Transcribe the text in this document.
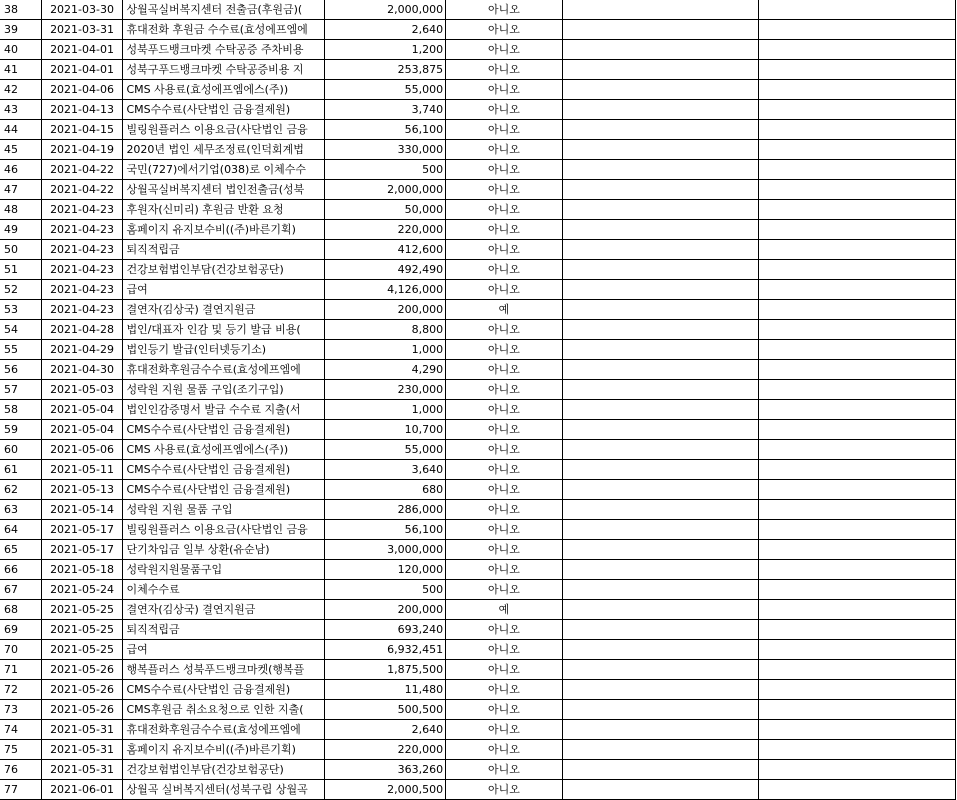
38	2021-03-30	상월곡실버복지센터 전출금(후원금)(	2,000,000	아니오		
39	2021-03-31	휴대전화 후원금 수수료(효성에프엠에	2,640	아니오		
40	2021-04-01	성북푸드뱅크마켓 수탁공증 주차비용	1,200	아니오		
41	2021-04-01	성북구푸드뱅크마켓 수탁공증비용 지	253,875	아니오		
42	2021-04-06	CMS 사용료(효성에프엠에스(주))	55,000	아니오		
43	2021-04-13	CMS수수료(사단법인 금융결제원)	3,740	아니오		
44	2021-04-15	빌링원플러스 이용요금(사단법인 금융	56,100	아니오		
45	2021-04-19	2020년 법인 세무조정료(인덕회계법	330,000	아니오		
46	2021-04-22	국민(727)에서기업(038)로 이체수수	500	아니오		
47	2021-04-22	상월곡실버복지센터 법인전출금(성북	2,000,000	아니오		
48	2021-04-23	후원자(신미리) 후원금 반환 요청	50,000	아니오		
49	2021-04-23	홈페이지 유지보수비((주)바른기획)	220,000	아니오		
50	2021-04-23	퇴직적립금	412,600	아니오		
51	2021-04-23	건강보험법인부담(건강보험공단)	492,490	아니오		
52	2021-04-23	급여	4,126,000	아니오		
53	2021-04-23	결연자(김상국) 결연지원금	200,000	예		
54	2021-04-28	법인/대표자 인감 및 등기 발급 비용(	8,800	아니오		
55	2021-04-29	법인등기 발급(인터넷등기소)	1,000	아니오		
56	2021-04-30	휴대전화후원금수수료(효성에프엠에	4,290	아니오		
57	2021-05-03	성락원 지원 물품 구입(조기구입)	230,000	아니오		
58	2021-05-04	법인인감증명서 발급 수수료 지출(서	1,000	아니오		
59	2021-05-04	CMS수수료(사단법인 금융결제원)	10,700	아니오		
60	2021-05-06	CMS 사용료(효성에프엠에스(주))	55,000	아니오		
61	2021-05-11	CMS수수료(사단법인 금융결제원)	3,640	아니오		
62	2021-05-13	CMS수수료(사단법인 금융결제원)	680	아니오		
63	2021-05-14	성락원 지원 물품 구입	286,000	아니오		
64	2021-05-17	빌링원플러스 이용요금(사단법인 금융	56,100	아니오		
65	2021-05-17	단기차입금 일부 상환(유순남)	3,000,000	아니오		
66	2021-05-18	성락원지원물품구입	120,000	아니오		
67	2021-05-24	이체수수료	500	아니오		
68	2021-05-25	결연자(김상국) 결연지원금	200,000	예		
69	2021-05-25	퇴직적립금	693,240	아니오		
70	2021-05-25	급여	6,932,451	아니오		
71	2021-05-26	행복플러스 성북푸드뱅크마켓(행복플	1,875,500	아니오		
72	2021-05-26	CMS수수료(사단법인 금융결제원)	11,480	아니오		
73	2021-05-26	CMS후원금 취소요청으로 인한 지출(	500,500	아니오		
74	2021-05-31	휴대전화후원금수수료(효성에프엠에	2,640	아니오		
75	2021-05-31	홈페이지 유지보수비((주)바른기획)	220,000	아니오		
76	2021-05-31	건강보험법인부담(건강보험공단)	363,260	아니오		
77	2021-06-01	상월곡 실버복지센터(성북구립 상월곡	2,000,500	아니오		
